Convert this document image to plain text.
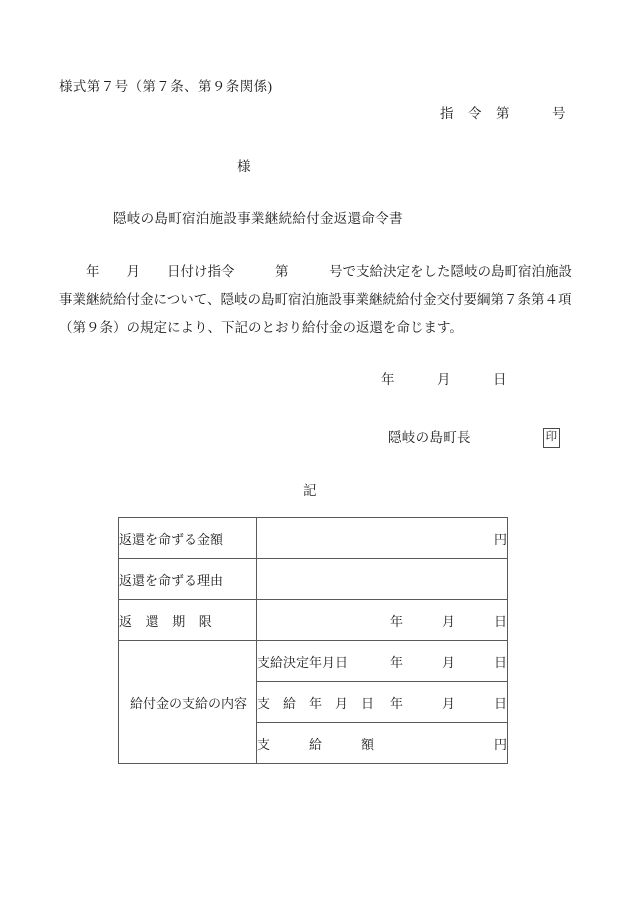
様式第７号（第７条、第９条関係)
指　令　第　　　号
様
隠岐の島町宿泊施設事業継続給付金返還命令書

　　年　　月　　日付け指令　　　第　　　号で支給決定をした隠岐の島町宿泊施設事業継続給付金について、隠岐の島町宿泊施設事業継続給付金交付要綱第７条第４項（第９条）の規定により、下記のとおり給付金の返還を命じます。

年　　　月　　　日
隠岐の島町長	印
記
返還を命ずる金額	円
返還を命ずる理由	
返　還　期　限	年　　　月　　　日

給付金の支給の内容

支給決定年月日	年　　　月　　　日
支　給　年　月　日	年　　　月　　　日
支　　　給　　　額	円
